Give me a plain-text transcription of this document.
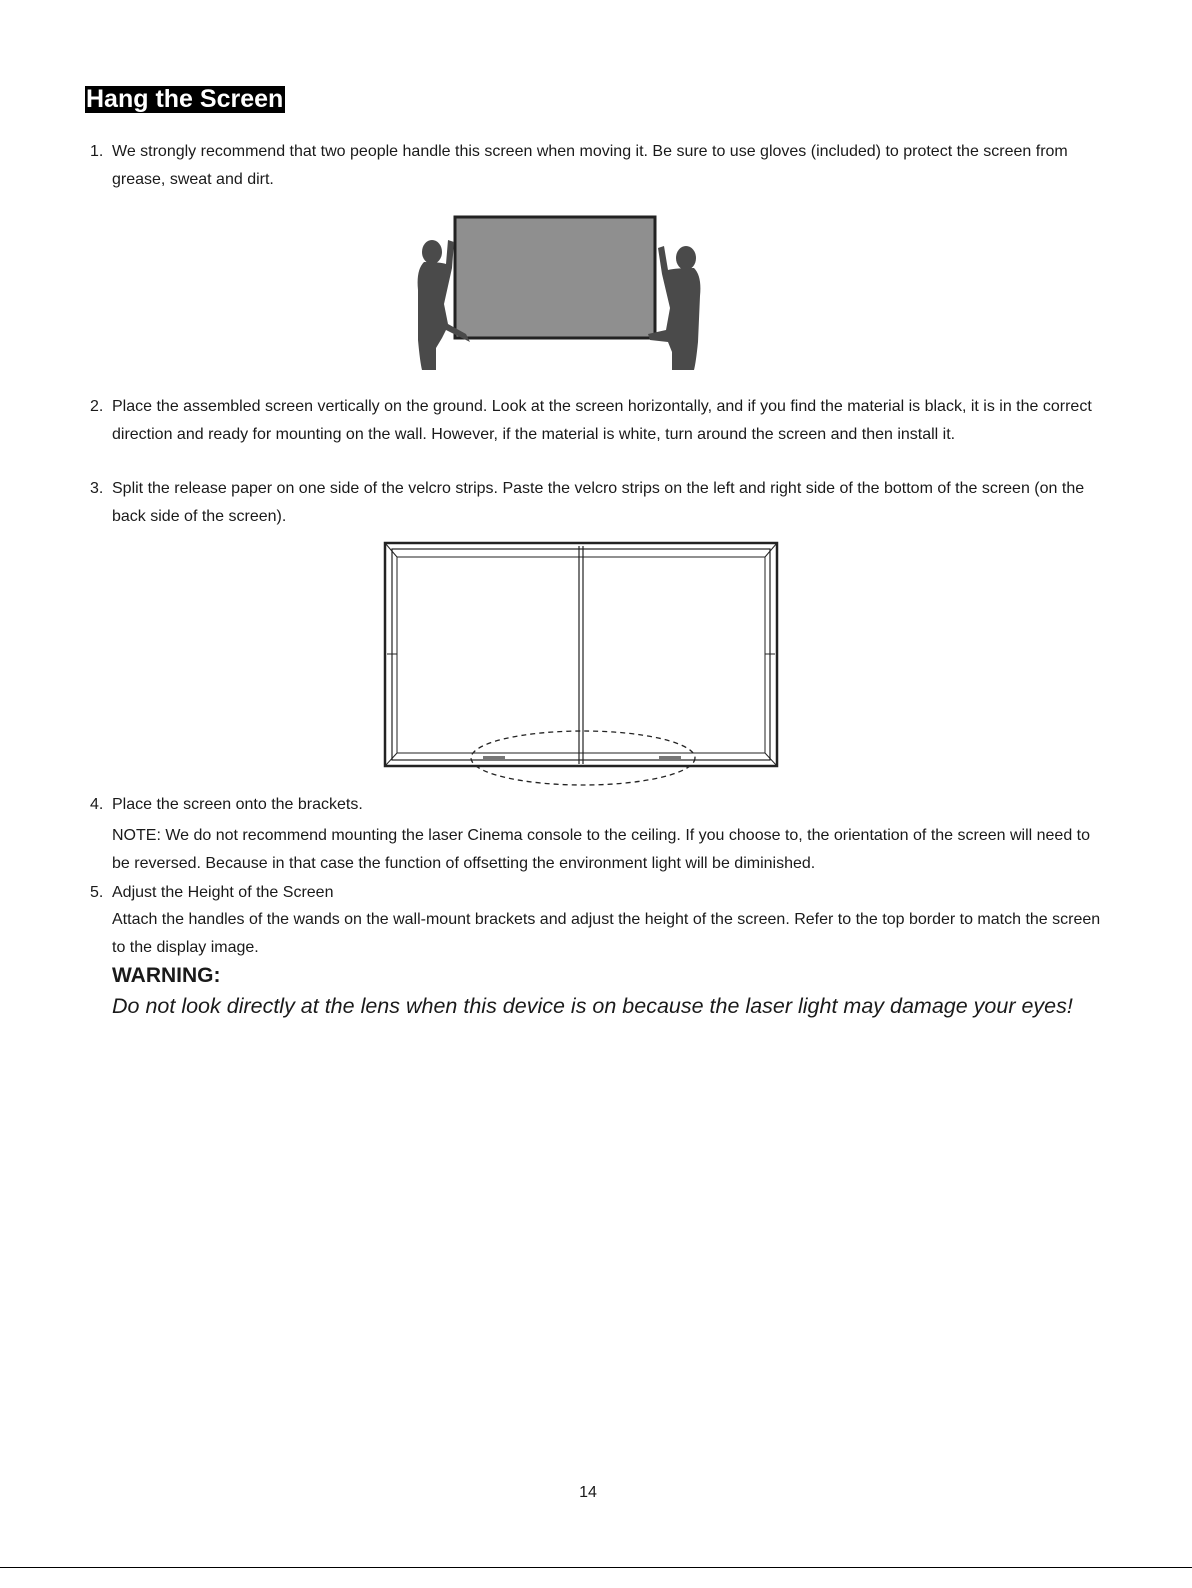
Hang the Screen
1. We strongly recommend that two people handle this screen when moving it. Be sure to use gloves (included) to protect the screen from grease, sweat and dirt.
2. Place the assembled screen vertically on the ground. Look at the screen horizontally, and if you find the material is black, it is in the correct direction and ready for mounting on the wall. However, if the material is white, turn around the screen and then install it.
3. Split the release paper on one side of the velcro strips. Paste the velcro strips on the left and right side of the bottom of the screen (on the back side of the screen).
4. Place the screen onto the brackets.
NOTE: We do not recommend mounting the laser Cinema console to the ceiling. If you choose to, the orientation of the screen will need to be reversed. Because in that case the function of offsetting the environment light will be diminished.
5. Adjust the Height of the Screen
Attach the handles of the wands on the wall-mount brackets and adjust the height of the screen. Refer to the top border to match the screen to the display image.
WARNING:
Do not look directly at the lens when this device is on because the laser light may damage your eyes!
14
